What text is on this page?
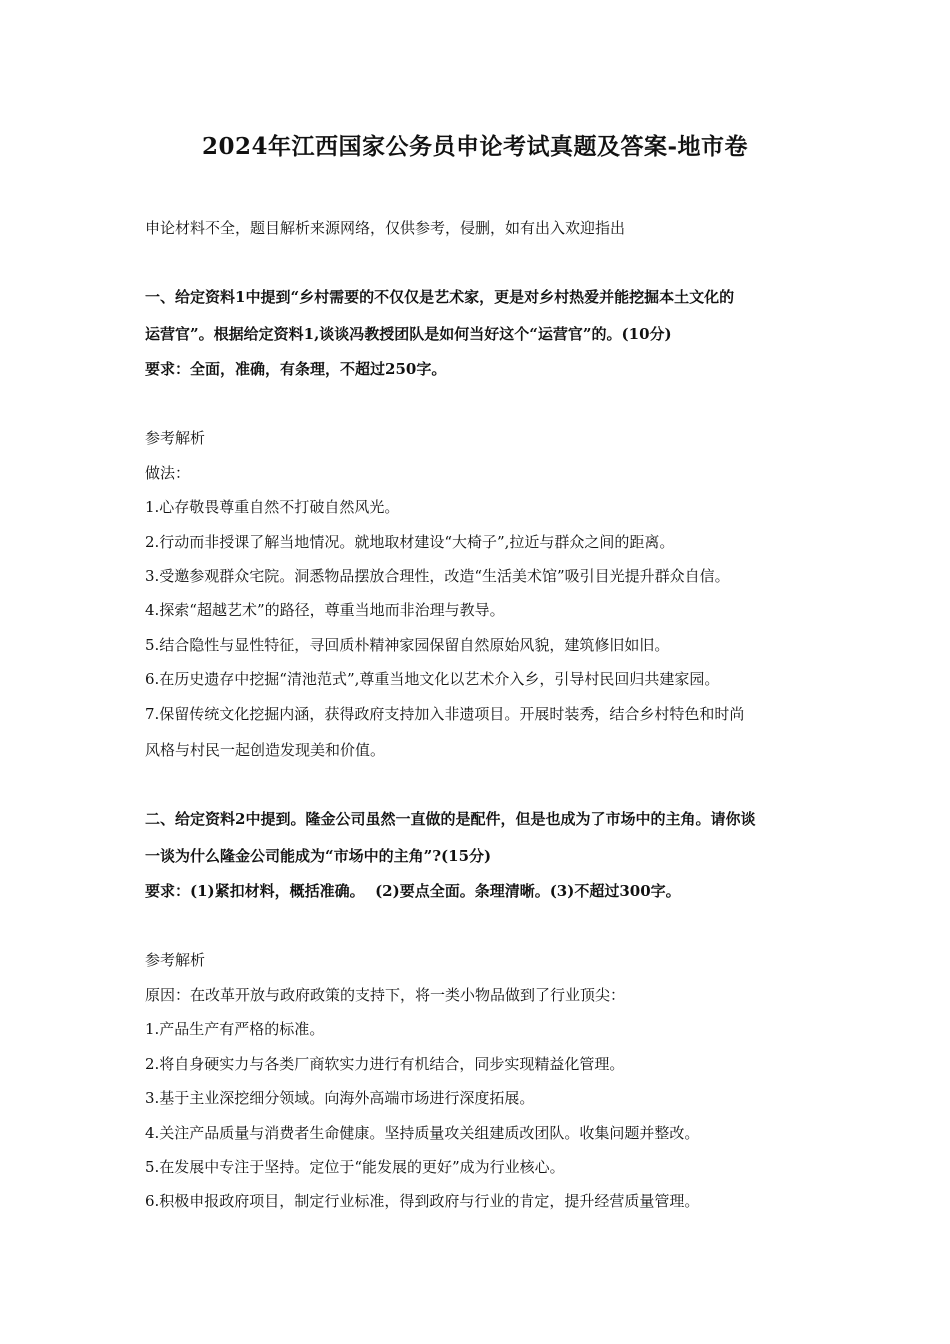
2024年江西国家公务员申论考试真题及答案-地市卷
申论材料不全，题目解析来源网络，仅供参考，侵删，如有出入欢迎指出
一、给定资料1中提到“乡村需要的不仅仅是艺术家，更是对乡村热爱并能挖掘本土文化的
运营官”。根据给定资料1,谈谈冯教授团队是如何当好这个“运营官”的。(10分)
要求：全面，准确，有条理，不超过250字。
参考解析
做法：
1.心存敬畏尊重自然不打破自然风光。
2.行动而非授课了解当地情况。就地取材建设“大椅子”,拉近与群众之间的距离。
3.受邀参观群众宅院。洞悉物品摆放合理性，改造“生活美术馆”吸引目光提升群众自信。
4.探索“超越艺术”的路径，尊重当地而非治理与教导。
5.结合隐性与显性特征，寻回质朴精神家园保留自然原始风貌，建筑修旧如旧。
6.在历史遗存中挖掘“清池范式”,尊重当地文化以艺术介入乡，引导村民回归共建家园。
7.保留传统文化挖掘内涵，获得政府支持加入非遗项目。开展时装秀，结合乡村特色和时尚
风格与村民一起创造发现美和价值。
二、给定资料2中提到。隆金公司虽然一直做的是配件，但是也成为了市场中的主角。请你谈
一谈为什么隆金公司能成为“市场中的主角”?(15分)
要求：(1)紧扣材料，概括准确。  (2)要点全面。条理清晰。(3)不超过300字。
参考解析
原因：在改革开放与政府政策的支持下，将一类小物品做到了行业顶尖：
1.产品生产有严格的标准。
2.将自身硬实力与各类厂商软实力进行有机结合，同步实现精益化管理。
3.基于主业深挖细分领域。向海外高端市场进行深度拓展。
4.关注产品质量与消费者生命健康。坚持质量攻关组建质改团队。收集问题并整改。
5.在发展中专注于坚持。定位于“能发展的更好”成为行业核心。
6.积极申报政府项目，制定行业标准，得到政府与行业的肯定，提升经营质量管理。
